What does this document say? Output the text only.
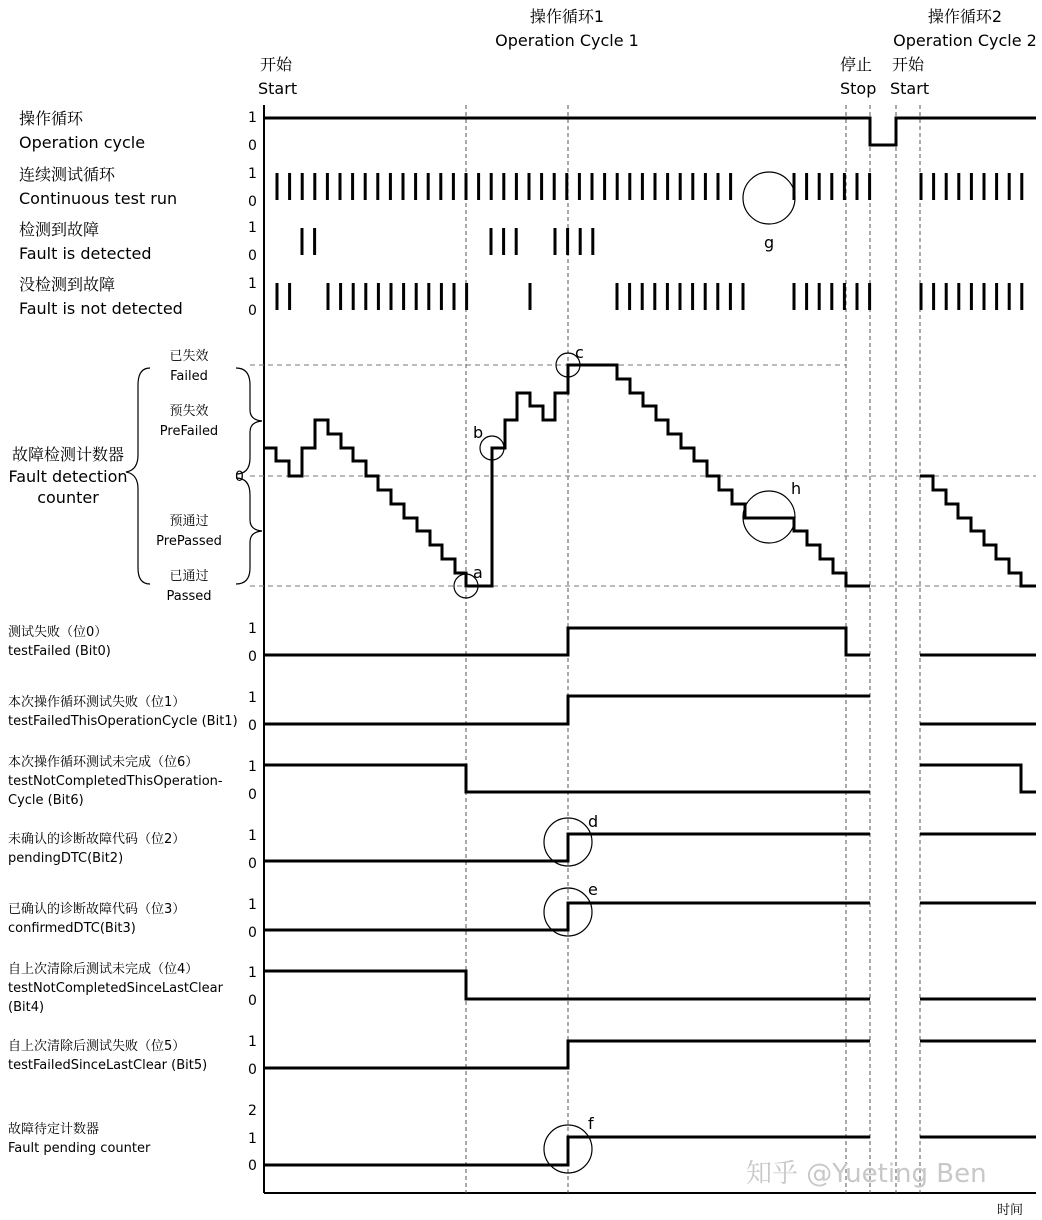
时间
操作循环1
Operation Cycle 1
操作循环2
Operation Cycle 2
开始
Start
停止
Stop
开始
Start
操作循环
Operation cycle
连续测试循环
Continuous test run
检测到故障
Fault is detected
没检测到故障
Fault is not detected
1
0
1
0
1
0
1
0
g
已失效
Failed
预失效
PreFailed
0
预通过
PrePassed
已通过
Passed
故障检测计数器
Fault detection
counter
a
b
c
h
测试失败（位0）
testFailed (Bit0)
本次操作循环测试失败（位1）
testFailedThisOperationCycle (Bit1)
本次操作循环测试未完成（位6）
testNotCompletedThisOperation-
Cycle (Bit6)
未确认的诊断故障代码（位2）
pendingDTC(Bit2)
已确认的诊断故障代码（位3）
confirmedDTC(Bit3)
自上次清除后测试未完成（位4）
testNotCompletedSinceLastClear
(Bit4)
自上次清除后测试失败（位5）
testFailedSinceLastClear (Bit5)
故障待定计数器
Fault pending counter
1
0
1
0
1
0
1
0
1
0
1
0
1
0
2
1
0
d
e
f
知乎 @Yueting Ben
